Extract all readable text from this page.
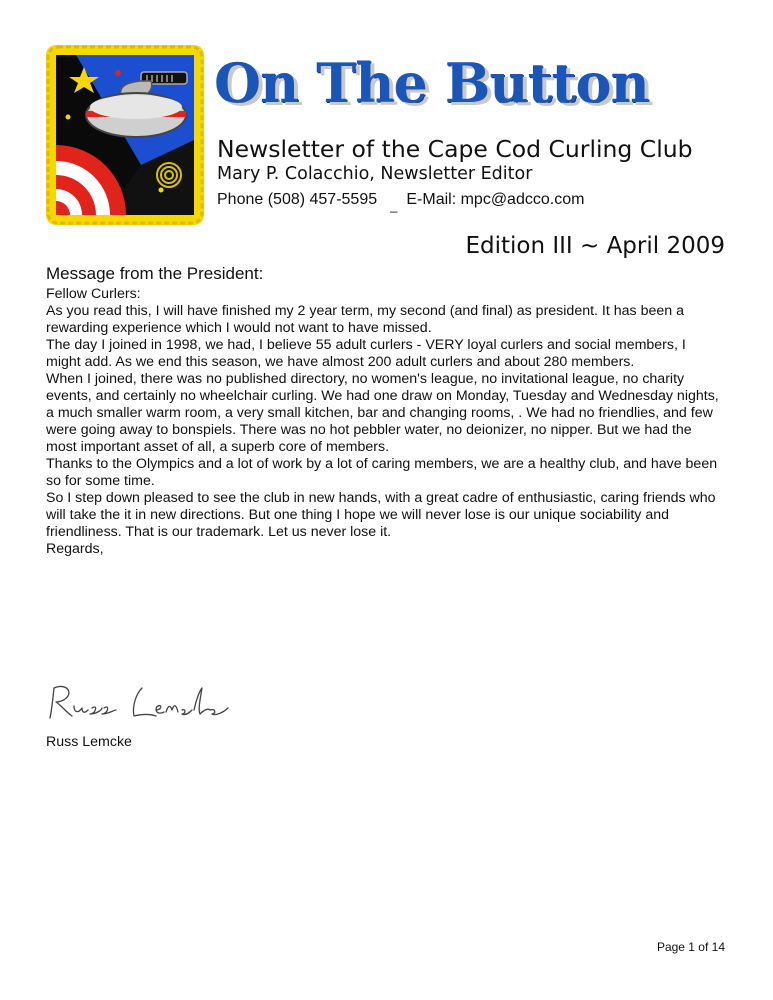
On The Button
Newsletter of the Cape Cod Curling Club
Mary P. Colacchio, Newsletter Editor
Phone (508) 457-5595 _ E-Mail: mpc@adcco.com
Edition III ~ April 2009
Message from the President:

Fellow Curlers:

As you read this, I will have finished my 2 year term, my second (and final) as president. It has been a rewarding experience which I would not want to have missed.

The day I joined in 1998, we had, I believe 55 adult curlers - VERY loyal curlers and social members, I might add. As we end this season, we have almost 200 adult curlers and about 280 members.

When I joined, there was no published directory, no women's league, no invitational league, no charity events, and certainly no wheelchair curling. We had one draw on Monday, Tuesday and Wednesday nights, a much smaller warm room, a very small kitchen, bar and changing rooms, . We had no friendlies, and few were going away to bonspiels. There was no hot pebbler water, no deionizer, no nipper. But we had the most important asset of all, a superb core of members.

Thanks to the Olympics and a lot of work by a lot of caring members, we are a healthy club, and have been so for some time.

So I step down pleased to see the club in new hands, with a great cadre of enthusiastic, caring friends who will take the it in new directions. But one thing I hope we will never lose is our unique sociability and friendliness. That is our trademark. Let us never lose it.

Regards,

Russ Lemcke
Page 1 of 14
